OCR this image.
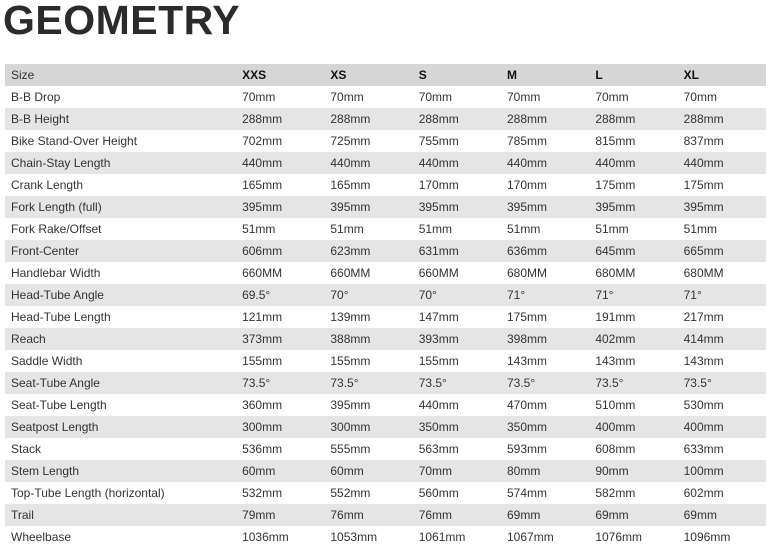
GEOMETRY
Size	XXS	XS	S	M	L	XL
B-B Drop	70mm	70mm	70mm	70mm	70mm	70mm
B-B Height	288mm	288mm	288mm	288mm	288mm	288mm
Bike Stand-Over Height	702mm	725mm	755mm	785mm	815mm	837mm
Chain-Stay Length	440mm	440mm	440mm	440mm	440mm	440mm
Crank Length	165mm	165mm	170mm	170mm	175mm	175mm
Fork Length (full)	395mm	395mm	395mm	395mm	395mm	395mm
Fork Rake/Offset	51mm	51mm	51mm	51mm	51mm	51mm
Front-Center	606mm	623mm	631mm	636mm	645mm	665mm
Handlebar Width	660MM	660MM	660MM	680MM	680MM	680MM
Head-Tube Angle	69.5°	70°	70°	71°	71°	71°
Head-Tube Length	121mm	139mm	147mm	175mm	191mm	217mm
Reach	373mm	388mm	393mm	398mm	402mm	414mm
Saddle Width	155mm	155mm	155mm	143mm	143mm	143mm
Seat-Tube Angle	73.5°	73.5°	73.5°	73.5°	73.5°	73.5°
Seat-Tube Length	360mm	395mm	440mm	470mm	510mm	530mm
Seatpost Length	300mm	300mm	350mm	350mm	400mm	400mm
Stack	536mm	555mm	563mm	593mm	608mm	633mm
Stem Length	60mm	60mm	70mm	80mm	90mm	100mm
Top-Tube Length (horizontal)	532mm	552mm	560mm	574mm	582mm	602mm
Trail	79mm	76mm	76mm	69mm	69mm	69mm
Wheelbase	1036mm	1053mm	1061mm	1067mm	1076mm	1096mm
